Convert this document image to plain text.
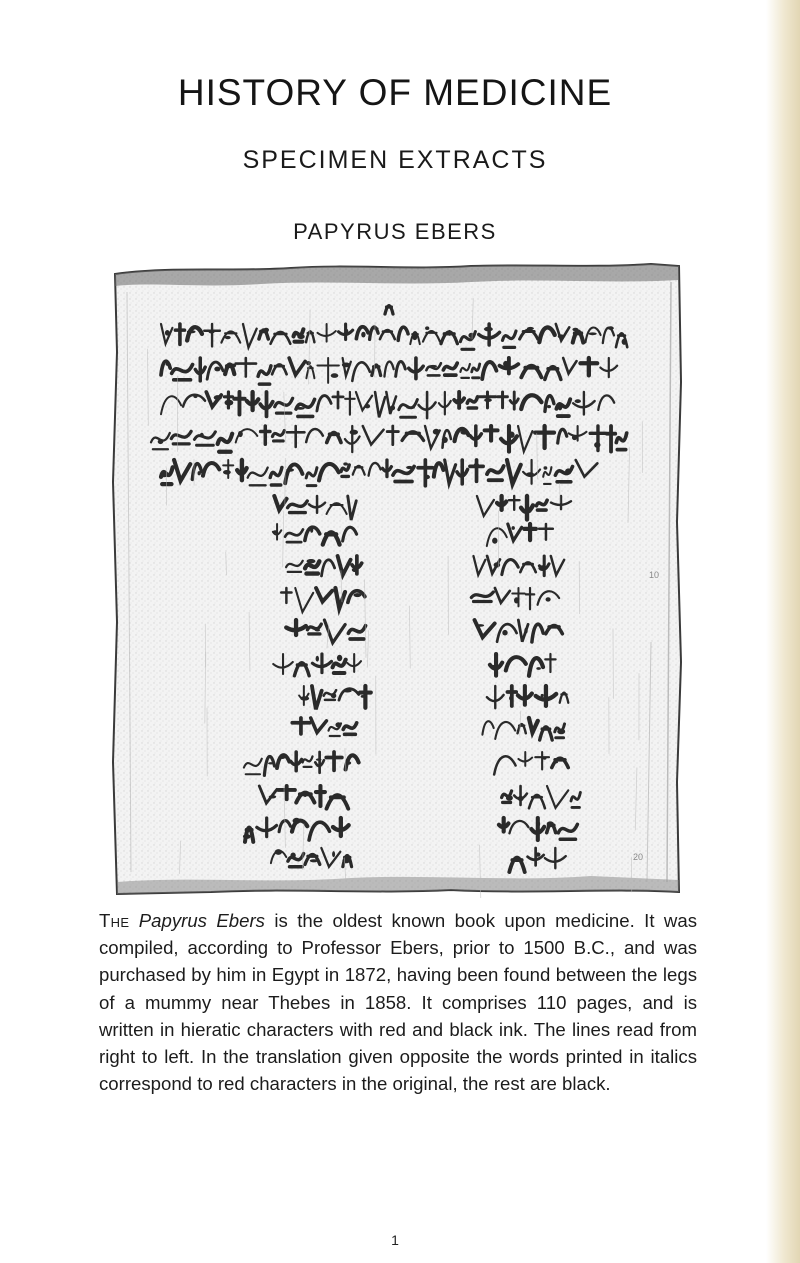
HISTORY OF MEDICINE
SPECIMEN EXTRACTS
PAPYRUS EBERS
10
20

The Papyrus Ebers is the oldest known book upon medicine. It was compiled, according to Professor Ebers, prior to 1500 B.C., and was purchased by him in Egypt in 1872, having been found between the legs of a mummy near Thebes in 1858. It comprises 110 pages, and is written in hieratic characters with red and black ink. The lines read from right to left. In the translation given opposite the words printed in italics correspond to red characters in the original, the rest are black.

1
